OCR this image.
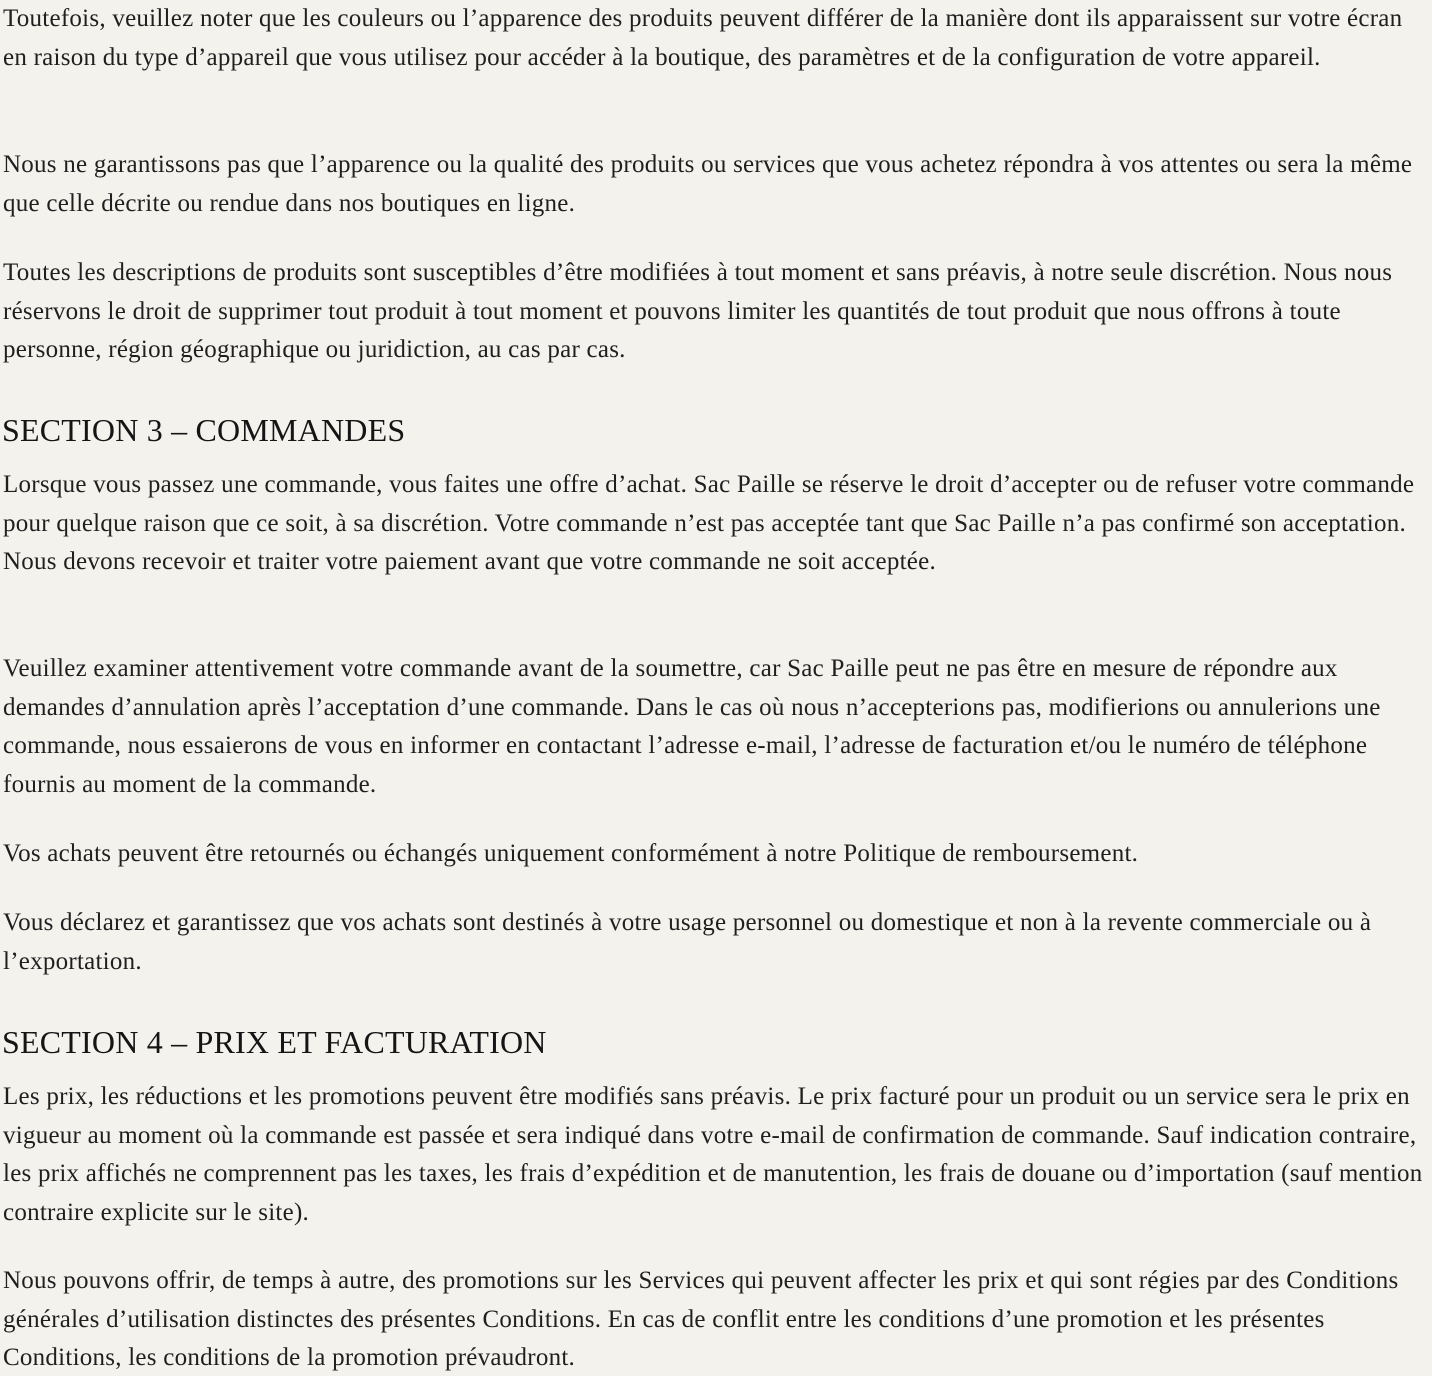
Toutefois, veuillez noter que les couleurs ou l’apparence des produits peuvent différer de la manière dont ils apparaissent sur votre écran en raison du type d’appareil que vous utilisez pour accéder à la boutique, des paramètres et de la configuration de votre appareil.

Nous ne garantissons pas que l’apparence ou la qualité des produits ou services que vous achetez répondra à vos attentes ou sera la même que celle décrite ou rendue dans nos boutiques en ligne.

Toutes les descriptions de produits sont susceptibles d’être modifiées à tout moment et sans préavis, à notre seule discrétion. Nous nous réservons le droit de supprimer tout produit à tout moment et pouvons limiter les quantités de tout produit que nous offrons à toute personne, région géographique ou juridiction, au cas par cas.

SECTION 3 – COMMANDES

Lorsque vous passez une commande, vous faites une offre d’achat. Sac Paille se réserve le droit d’accepter ou de refuser votre commande pour quelque raison que ce soit, à sa discrétion. Votre commande n’est pas acceptée tant que Sac Paille n’a pas confirmé son acceptation. Nous devons recevoir et traiter votre paiement avant que votre commande ne soit acceptée.

Veuillez examiner attentivement votre commande avant de la soumettre, car Sac Paille peut ne pas être en mesure de répondre aux demandes d’annulation après l’acceptation d’une commande. Dans le cas où nous n’accepterions pas, modifierions ou annulerions une commande, nous essaierons de vous en informer en contactant l’adresse e-mail, l’adresse de facturation et/ou le numéro de téléphone fournis au moment de la commande.

Vos achats peuvent être retournés ou échangés uniquement conformément à notre Politique de remboursement.

Vous déclarez et garantissez que vos achats sont destinés à votre usage personnel ou domestique et non à la revente commerciale ou à l’exportation.

SECTION 4 – PRIX ET FACTURATION

Les prix, les réductions et les promotions peuvent être modifiés sans préavis. Le prix facturé pour un produit ou un service sera le prix en vigueur au moment où la commande est passée et sera indiqué dans votre e-mail de confirmation de commande. Sauf indication contraire, les prix affichés ne comprennent pas les taxes, les frais d’expédition et de manutention, les frais de douane ou d’importation (sauf mention contraire explicite sur le site).

Nous pouvons offrir, de temps à autre, des promotions sur les Services qui peuvent affecter les prix et qui sont régies par des Conditions générales d’utilisation distinctes des présentes Conditions. En cas de conflit entre les conditions d’une promotion et les présentes Conditions, les conditions de la promotion prévaudront.
